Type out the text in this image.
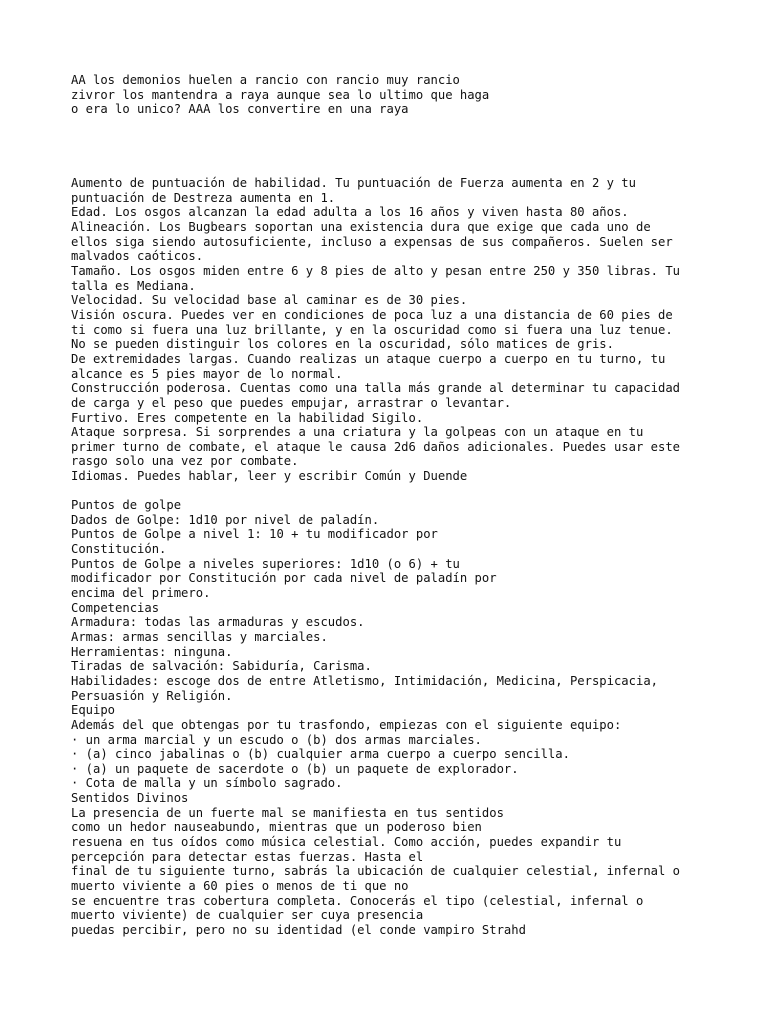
AA los demonios huelen a rancio con rancio muy rancio
zivror los mantendra a raya aunque sea lo ultimo que haga
o era lo unico? AAA los convertire en una raya
Aumento de puntuación de habilidad. Tu puntuación de Fuerza aumenta en 2 y tu
puntuación de Destreza aumenta en 1.
Edad. Los osgos alcanzan la edad adulta a los 16 años y viven hasta 80 años.
Alineación. Los Bugbears soportan una existencia dura que exige que cada uno de
ellos siga siendo autosuficiente, incluso a expensas de sus compañeros. Suelen ser
malvados caóticos.
Tamaño. Los osgos miden entre 6 y 8 pies de alto y pesan entre 250 y 350 libras. Tu
talla es Mediana.
Velocidad. Su velocidad base al caminar es de 30 pies.
Visión oscura. Puedes ver en condiciones de poca luz a una distancia de 60 pies de
ti como si fuera una luz brillante, y en la oscuridad como si fuera una luz tenue.
No se pueden distinguir los colores en la oscuridad, sólo matices de gris.
De extremidades largas. Cuando realizas un ataque cuerpo a cuerpo en tu turno, tu
alcance es 5 pies mayor de lo normal.
Construcción poderosa. Cuentas como una talla más grande al determinar tu capacidad
de carga y el peso que puedes empujar, arrastrar o levantar.
Furtivo. Eres competente en la habilidad Sigilo.
Ataque sorpresa. Si sorprendes a una criatura y la golpeas con un ataque en tu
primer turno de combate, el ataque le causa 2d6 daños adicionales. Puedes usar este
rasgo solo una vez por combate.
Idiomas. Puedes hablar, leer y escribir Común y Duende
Puntos de golpe
Dados de Golpe: 1d10 por nivel de paladín.
Puntos de Golpe a nivel 1: 10 + tu modificador por
Constitución.
Puntos de Golpe a niveles superiores: 1d10 (o 6) + tu
modificador por Constitución por cada nivel de paladín por
encima del primero.
Competencias
Armadura: todas las armaduras y escudos.
Armas: armas sencillas y marciales.
Herramientas: ninguna.
Tiradas de salvación: Sabiduría, Carisma.
Habilidades: escoge dos de entre Atletismo, Intimidación, Medicina, Perspicacia,
Persuasión y Religión.
Equipo
Además del que obtengas por tu trasfondo, empiezas con el siguiente equipo:
· un arma marcial y un escudo o (b) dos armas marciales.
· (a) cinco jabalinas o (b) cualquier arma cuerpo a cuerpo sencilla.
· (a) un paquete de sacerdote o (b) un paquete de explorador.
· Cota de malla y un símbolo sagrado.
Sentidos Divinos
La presencia de un fuerte mal se manifiesta en tus sentidos
como un hedor nauseabundo, mientras que un poderoso bien
resuena en tus oídos como música celestial. Como acción, puedes expandir tu
percepción para detectar estas fuerzas. Hasta el
final de tu siguiente turno, sabrás la ubicación de cualquier celestial, infernal o
muerto viviente a 60 pies o menos de ti que no
se encuentre tras cobertura completa. Conocerás el tipo (celestial, infernal o
muerto viviente) de cualquier ser cuya presencia
puedas percibir, pero no su identidad (el conde vampiro Strahd
